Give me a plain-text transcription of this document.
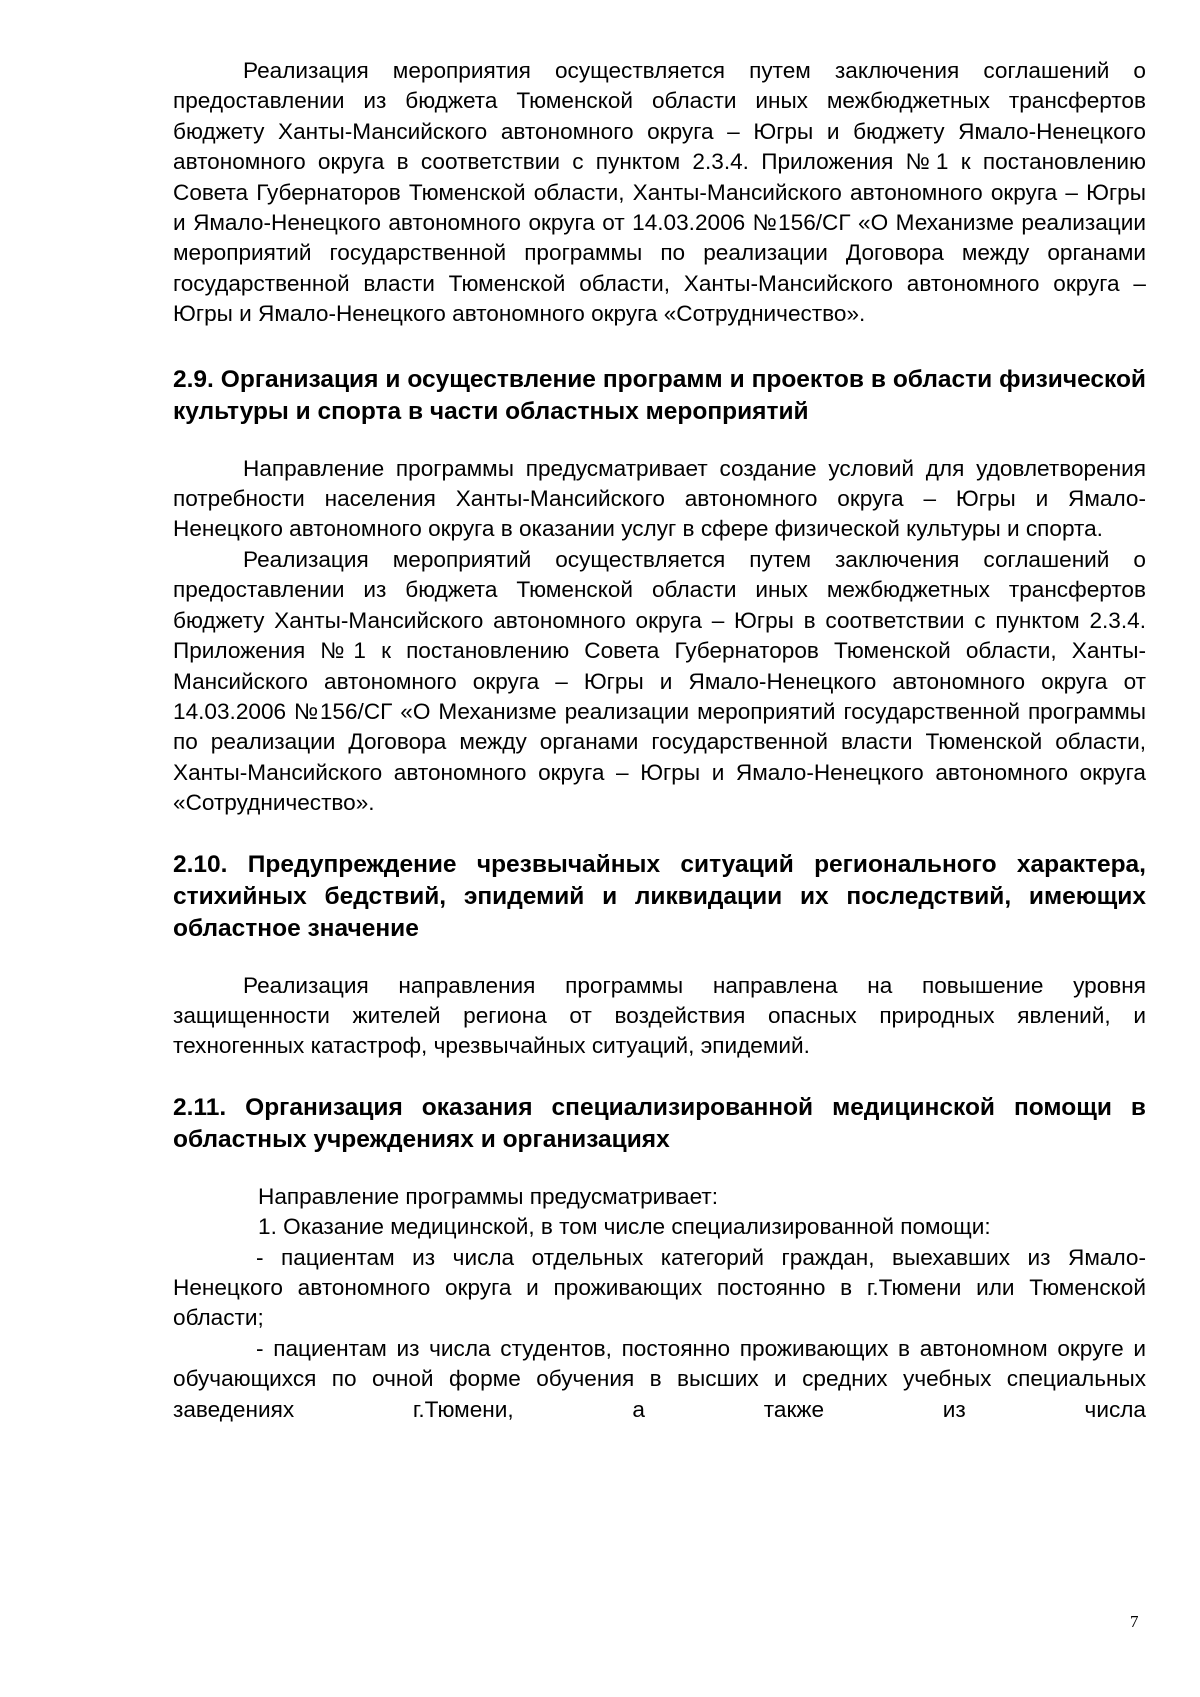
Реализация мероприятия осуществляется путем заключения соглашений о предоставлении из бюджета Тюменской области иных межбюджетных трансфертов бюджету Ханты-Мансийского автономного округа – Югры и бюджету Ямало-Ненецкого автономного округа в соответствии с пунктом 2.3.4. Приложения №1 к постановлению Совета Губернаторов Тюменской области, Ханты-Мансийского автономного округа – Югры и Ямало-Ненецкого автономного округа от 14.03.2006 №156/СГ «О Механизме реализации мероприятий государственной программы по реализации Договора между органами государственной власти Тюменской области, Ханты-Мансийского автономного округа – Югры и Ямало-Ненецкого автономного округа «Сотрудничество».

2.9. Организация и осуществление программ и проектов в области физической культуры и спорта в части областных мероприятий

Направление программы предусматривает создание условий для удовлетворения потребности населения Ханты-Мансийского автономного округа – Югры и Ямало-Ненецкого автономного округа в оказании услуг в сфере физической культуры и спорта.

Реализация мероприятий осуществляется путем заключения соглашений о предоставлении из бюджета Тюменской области иных межбюджетных трансфертов бюджету Ханты-Мансийского автономного округа – Югры в соответствии с пунктом 2.3.4. Приложения №1 к постановлению Совета Губернаторов Тюменской области, Ханты-Мансийского автономного округа – Югры и Ямало-Ненецкого автономного округа от 14.03.2006 №156/СГ «О Механизме реализации мероприятий государственной программы по реализации Договора между органами государственной власти Тюменской области, Ханты-Мансийского автономного округа – Югры и Ямало-Ненецкого автономного округа «Сотрудничество».

2.10. Предупреждение чрезвычайных ситуаций регионального характера, стихийных бедствий, эпидемий и ликвидации их последствий, имеющих областное значение

Реализация направления программы направлена на повышение уровня защищенности жителей региона от воздействия опасных природных явлений, и техногенных катастроф, чрезвычайных ситуаций, эпидемий.

2.11. Организация оказания специализированной медицинской помощи в областных учреждениях и организациях

Направление программы предусматривает:

1. Оказание медицинской, в том числе специализированной помощи:

- пациентам из числа отдельных категорий граждан, выехавших из Ямало-Ненецкого автономного округа и проживающих постоянно в г.Тюмени или Тюменской области;

- пациентам из числа студентов, постоянно проживающих в автономном округе и обучающихся по очной форме обучения в высших и средних учебных специальных заведениях г.Тюмени, а также из числа

7
